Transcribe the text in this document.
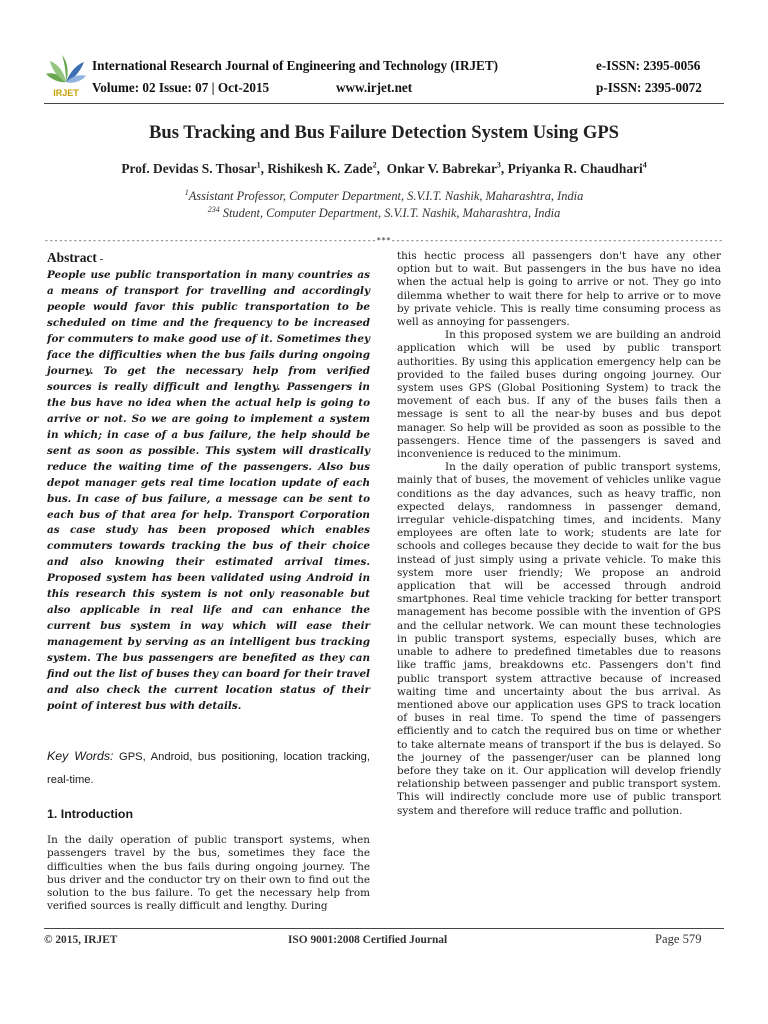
IRJET
International Research Journal of Engineering and Technology (IRJET)	e-ISSN: 2395-0056
Volume: 02 Issue: 07 | Oct-2015	www.irjet.net	p-ISSN: 2395-0072
Bus Tracking and Bus Failure Detection System Using GPS
Prof. Devidas S. Thosar$^1$, Rishikesh K. Zade$^2$,  Onkar V. Babrekar$^3$, Priyanka R. Chaudhari$^4$
$^1$Assistant Professor, Computer Department, S.V.I.T. Nashik, Maharashtra, India
$^{234}$ Student, Computer Department, S.V.I.T. Nashik, Maharashtra, India
---------------------------------------------------------------------***---------------------------------------------------------------------
Abstract -

People use public transportation in many countries as a means of transport for travelling and accordingly people would favor this public transportation to be scheduled on time and the frequency to be increased for commuters to make good use of it. Sometimes they face the difficulties when the bus fails during ongoing journey. To get the necessary help from verified sources is really difficult and lengthy. Passengers in the bus have no idea when the actual help is going to arrive or not. So we are going to implement a system in which; in case of a bus failure, the help should be sent as soon as possible. This system will drastically reduce the waiting time of the passengers. Also bus depot manager gets real time location update of each bus. In case of bus failure, a message can be sent to each bus of that area for help. Transport Corporation as case study has been proposed which enables commuters towards tracking the bus of their choice and also knowing their estimated arrival times. Proposed system has been validated using Android in this research this system is not only reasonable but also applicable in real life and can enhance the current bus system in way which will ease their management by serving as an intelligent bus tracking system. The bus passengers are benefited as they can find out the list of buses they can board for their travel and also check the current location status of their point of interest bus with details.

Key Words: GPS, Android, bus positioning, location tracking, real-time.
1. Introduction

In the daily operation of public transport systems, when passengers travel by the bus, sometimes they face the difficulties when the bus fails during ongoing journey. The bus driver and the conductor try on their own to find out the solution to the bus failure. To get the necessary help from verified sources is really difficult and lengthy. During

this hectic process all passengers don't have any other option but to wait. But passengers in the bus have no idea when the actual help is going to arrive or not. They go into dilemma whether to wait there for help to arrive or to move by private vehicle. This is really time consuming process as well as annoying for passengers.

In this proposed system we are building an android application which will be used by public transport authorities. By using this application emergency help can be provided to the failed buses during ongoing journey. Our system uses GPS (Global Positioning System) to track the movement of each bus. If any of the buses fails then a message is sent to all the near-by buses and bus depot manager. So help will be provided as soon as possible to the passengers. Hence time of the passengers is saved and inconvenience is reduced to the minimum.

In the daily operation of public transport systems, mainly that of buses, the movement of vehicles unlike vague conditions as the day advances, such as heavy traffic, non expected delays, randomness in passenger demand, irregular vehicle-dispatching times, and incidents. Many employees are often late to work; students are late for schools and colleges because they decide to wait for the bus instead of just simply using a private vehicle. To make this system more user friendly; We propose an android application that will be accessed through android smartphones. Real time vehicle tracking for better transport management has become possible with the invention of GPS and the cellular network. We can mount these technologies in public transport systems, especially buses, which are unable to adhere to predefined timetables due to reasons like traffic jams, breakdowns etc. Passengers don't find public transport system attractive because of increased waiting time and uncertainty about the bus arrival. As mentioned above our application uses GPS to track location of buses in real time. To spend the time of passengers efficiently and to catch the required bus on time or whether to take alternate means of transport if the bus is delayed. So the journey of the passenger/user can be planned long before they take on it. Our application will develop friendly relationship between passenger and public transport system. This will indirectly conclude more use of public transport system and therefore will reduce traffic and pollution.

© 2015, IRJET	ISO 9001:2008 Certified Journal	Page 579
